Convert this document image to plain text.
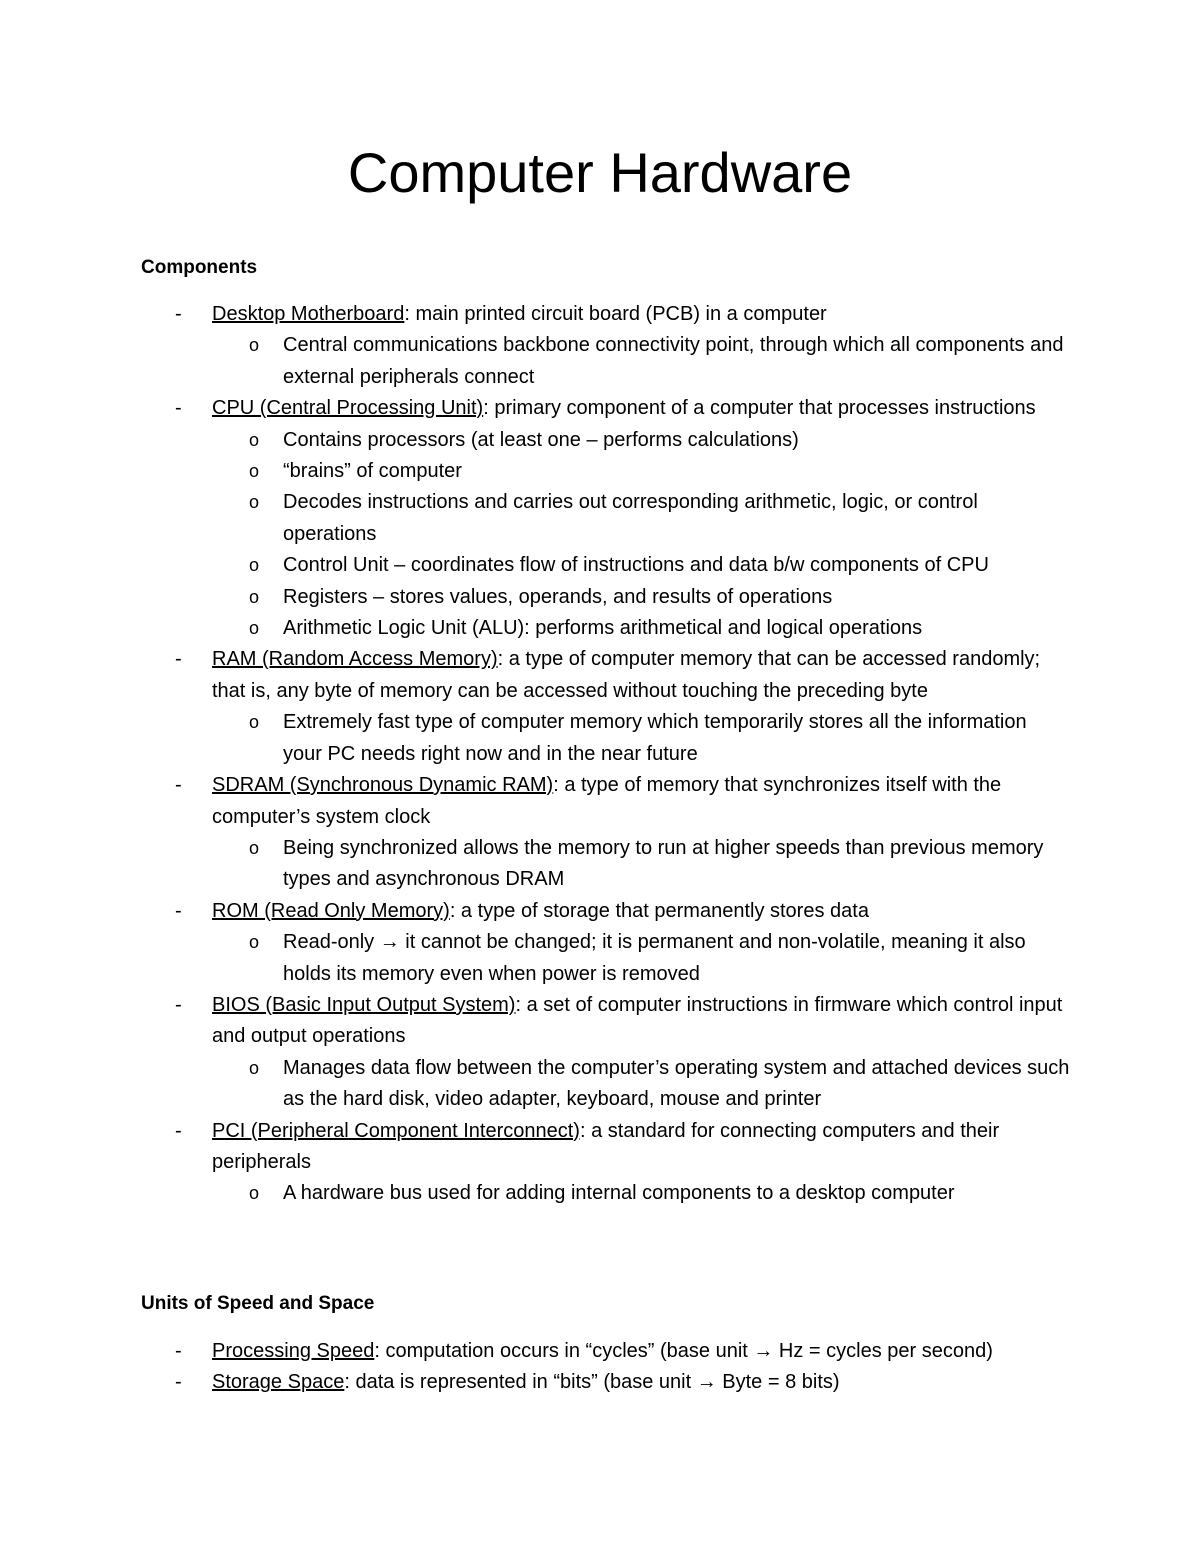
Computer Hardware
Components
- Desktop Motherboard: main printed circuit board (PCB) in a computer
o Central communications backbone connectivity point, through which all components and external peripherals connect
- CPU (Central Processing Unit): primary component of a computer that processes instructions
o Contains processors (at least one – performs calculations)
o “brains” of computer
o Decodes instructions and carries out corresponding arithmetic, logic, or control operations
o Control Unit – coordinates flow of instructions and data b/w components of CPU
o Registers – stores values, operands, and results of operations
o Arithmetic Logic Unit (ALU): performs arithmetical and logical operations
- RAM (Random Access Memory): a type of computer memory that can be accessed randomly; that is, any byte of memory can be accessed without touching the preceding byte
o Extremely fast type of computer memory which temporarily stores all the information your PC needs right now and in the near future
- SDRAM (Synchronous Dynamic RAM): a type of memory that synchronizes itself with the computer’s system clock
o Being synchronized allows the memory to run at higher speeds than previous memory types and asynchronous DRAM
- ROM (Read Only Memory): a type of storage that permanently stores data
o Read-only → it cannot be changed; it is permanent and non-volatile, meaning it also holds its memory even when power is removed
- BIOS (Basic Input Output System): a set of computer instructions in firmware which control input and output operations
o Manages data flow between the computer’s operating system and attached devices such as the hard disk, video adapter, keyboard, mouse and printer
- PCI (Peripheral Component Interconnect): a standard for connecting computers and their peripherals
o A hardware bus used for adding internal components to a desktop computer
Units of Speed and Space
- Processing Speed: computation occurs in “cycles” (base unit → Hz = cycles per second)
- Storage Space: data is represented in “bits” (base unit → Byte = 8 bits)
